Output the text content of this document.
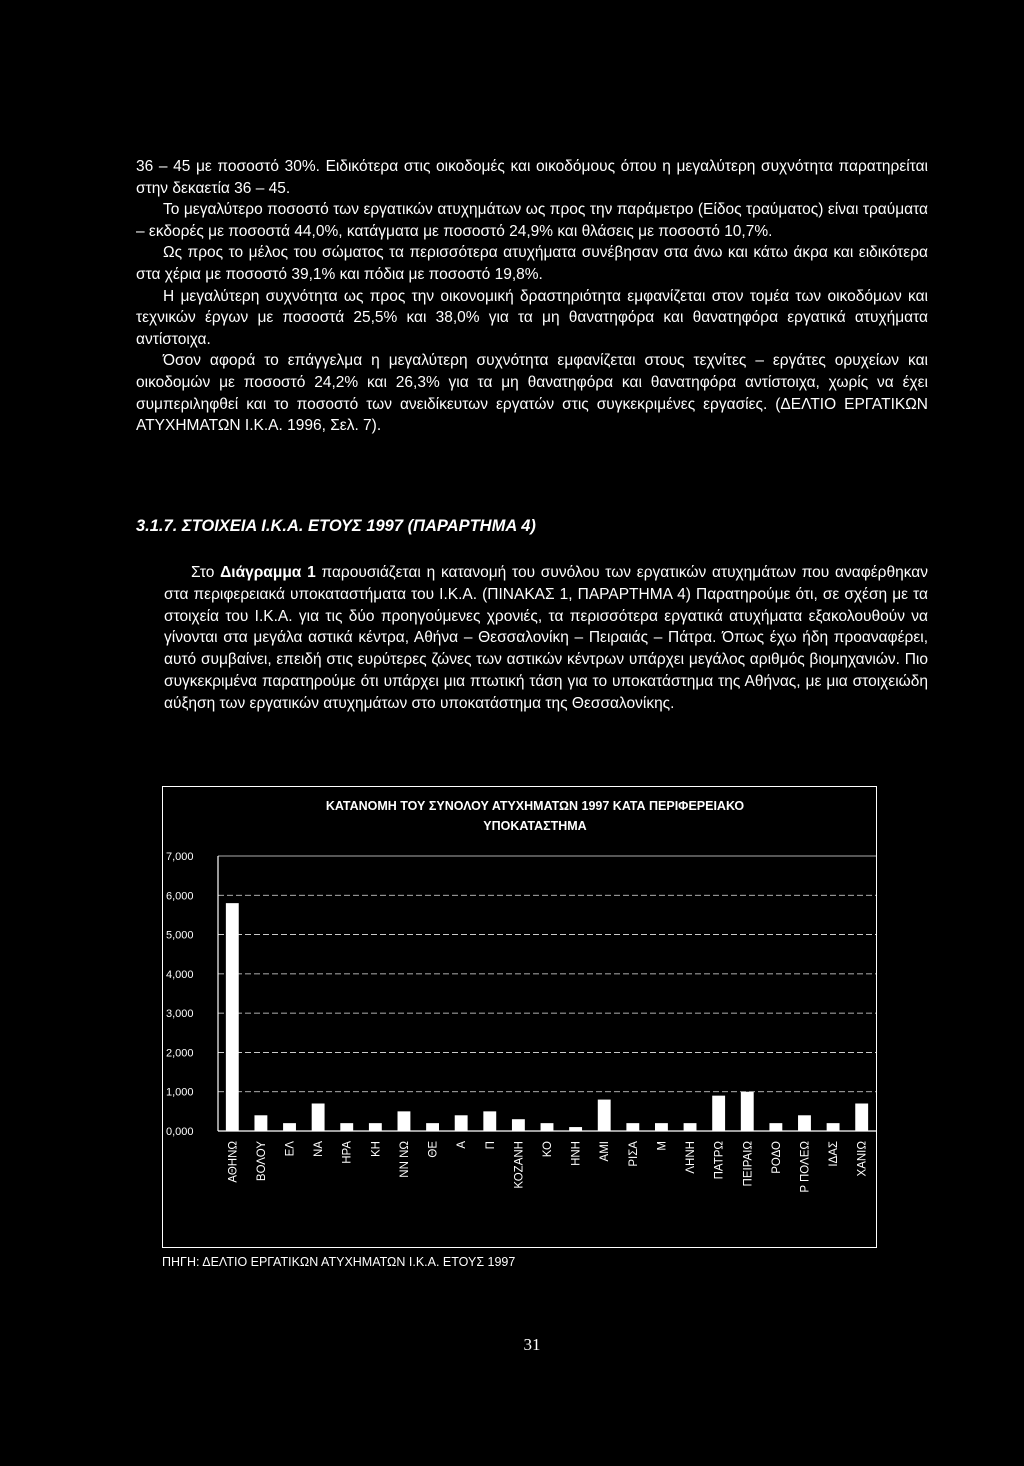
36 – 45 με ποσοστό 30%. Ειδικότερα στις οικοδομές και οικοδόμους όπου η μεγαλύτερη συχνότητα παρατηρείται στην δεκαετία 36 – 45.

Το μεγαλύτερο ποσοστό των εργατικών ατυχημάτων ως προς την παράμετρο (Είδος τραύματος) είναι τραύματα – εκδορές με ποσοστά 44,0%, κατάγματα με ποσοστό 24,9% και θλάσεις με ποσοστό 10,7%.

Ως προς το μέλος του σώματος τα περισσότερα ατυχήματα συνέβησαν στα άνω και κάτω άκρα και ειδικότερα στα χέρια με ποσοστό 39,1% και πόδια με ποσοστό 19,8%.

Η μεγαλύτερη συχνότητα ως προς την οικονομική δραστηριότητα εμφανίζεται στον τομέα των οικοδόμων και τεχνικών έργων με ποσοστά 25,5% και 38,0% για τα μη θανατηφόρα και θανατηφόρα εργατικά ατυχήματα αντίστοιχα.

Όσον αφορά το επάγγελμα η μεγαλύτερη συχνότητα εμφανίζεται στους τεχνίτες – εργάτες ορυχείων και οικοδομών με ποσοστό 24,2% και 26,3% για τα μη θανατηφόρα και θανατηφόρα αντίστοιχα, χωρίς να έχει συμπεριληφθεί και το ποσοστό των ανειδίκευτων εργατών στις συγκεκριμένες εργασίες. (ΔΕΛΤΙΟ ΕΡΓΑΤΙΚΩΝ ΑΤΥΧΗΜΑΤΩΝ Ι.Κ.Α. 1996, Σελ. 7).

3.1.7. ΣΤΟΙΧΕΙΑ Ι.Κ.Α. ΕΤΟΥΣ 1997 (ΠΑΡΑΡΤΗΜΑ 4)

Στο Διάγραμμα 1 παρουσιάζεται η κατανομή του συνόλου των εργατικών ατυχημάτων που αναφέρθηκαν στα περιφερειακά υποκαταστήματα του Ι.Κ.Α. (ΠΙΝΑΚΑΣ 1, ΠΑΡΑΡΤΗΜΑ 4) Παρατηρούμε ότι, σε σχέση με τα στοιχεία του Ι.Κ.Α. για τις δύο προηγούμενες χρονιές, τα περισσότερα εργατικά ατυχήματα εξακολουθούν να γίνονται στα μεγάλα αστικά κέντρα, Αθήνα – Θεσσαλονίκη – Πειραιάς – Πάτρα. Όπως έχω ήδη προαναφέρει, αυτό συμβαίνει, επειδή στις ευρύτερες ζώνες των αστικών κέντρων υπάρχει μεγάλος αριθμός βιομηχανιών. Πιο συγκεκριμένα παρατηρούμε ότι υπάρχει μια πτωτική τάση για το υποκατάστημα της Αθήνας, με μια στοιχειώδη αύξηση των εργατικών ατυχημάτων στο υποκατάστημα της Θεσσαλονίκης.

ΚΑΤΑΝΟΜΗ ΤΟΥ ΣΥΝΟΛΟΥ ΑΤΥΧΗΜΑΤΩΝ 1997 ΚΑΤΑ ΠΕΡΙΦΕΡΕΙΑΚΟ
ΥΠΟΚΑΤΑΣΤΗΜΑ
0,000
1,000
2,000
3,000
4,000
5,000
6,000
7,000
ΑΘΗΝΩ ΒΟΛΟΥ ΕΛ ΝΑ ΗΡΑ ΚΗ ΝΝ ΝΩ ΘΕ Α Π ΚΟΖΑΝΗ ΚΟ ΗΝΗ ΑΜΙ ΡΙΣΑ Μ ΛΗΝΗ ΠΑΤΡΩ ΠΕΙΡΑΙΩ ΡΟΔΟ Ρ ΠΟΛΕΩ ΙΔΑΣ ΧΑΝΙΩ
ΠΗΓΗ: ΔΕΛΤΙΟ ΕΡΓΑΤΙΚΩΝ ΑΤΥΧΗΜΑΤΩΝ Ι.Κ.Α. ΕΤΟΥΣ 1997
31
